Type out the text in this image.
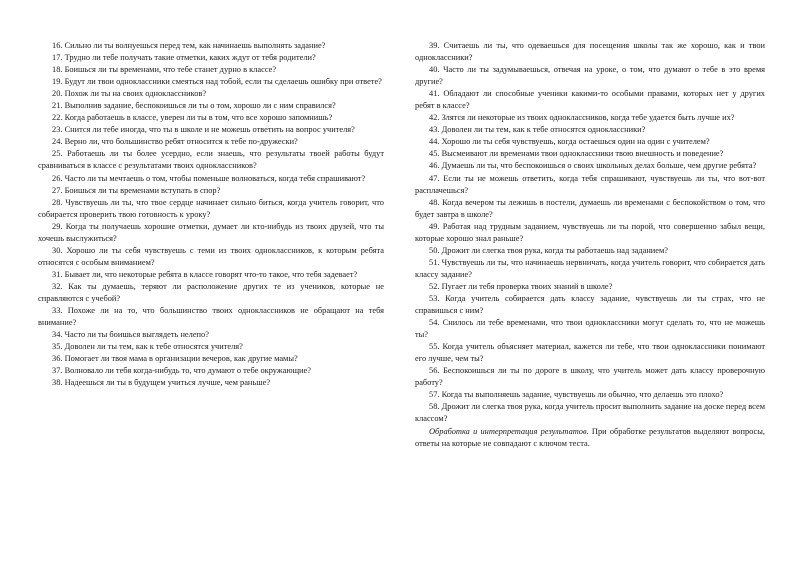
16. Сильно ли ты волнуешься перед тем, как начинаешь выполнять задание?

17. Трудно ли тебе получать такие отметки, каких ждут от тебя родители?

18. Боишься ли ты временами, что тебе станет дурно в классе?

19. Будут ли твои одноклассники смеяться над тобой, если ты сделаешь ошибку при ответе?

20. Похож ли ты на своих одноклассников?

21. Выполнив задание, беспокоишься ли ты о том, хорошо ли с ним справился?

22. Когда работаешь в классе, уверен ли ты в том, что все хорошо запомнишь?

23. Снится ли тебе иногда, что ты в школе и не можешь ответить на вопрос учителя?

24. Верно ли, что большинство ребят относится к тебе по-дружески?

25. Работаешь ли ты более усердно, если знаешь, что результаты твоей работы будут сравниваться в классе с результатами твоих одноклассников?

26. Часто ли ты мечтаешь о том, чтобы поменьше волноваться, когда тебя спрашивают?

27. Боишься ли ты временами вступать в спор?

28. Чувствуешь ли ты, что твое сердце начинает сильно биться, когда учитель говорит, что собирается проверить твою готовность к уроку?

29. Когда ты получаешь хорошие отметки, думает ли кто-нибудь из твоих друзей, что ты хочешь выслужиться?

30. Хорошо ли ты себя чувствуешь с теми из твоих одноклассников, к которым ребята относятся с особым вниманием?

31. Бывает ли, что некоторые ребята в классе говорят что-то такое, что тебя задевает?

32. Как ты думаешь, теряют ли расположение других те из учеников, которые не справляются с учебой?

33. Похоже ли на то, что большинство твоих одноклассников не обращают на тебя внимание?

34. Часто ли ты боишься выглядеть нелепо?

35. Доволен ли ты тем, как к тебе относятся учителя?

36. Помогает ли твоя мама в организации вечеров, как другие мамы?

37. Волновало ли тебя когда-нибудь то, что думают о тебе окружающие?

38. Надеешься ли ты в будущем учиться лучше, чем раньше?

39. Считаешь ли ты, что одеваешься для посещения школы так же хорошо, как и твои одноклассники?

40. Часто ли ты задумываешься, отвечая на уроке, о том, что думают о тебе в это время другие?

41. Обладают ли способные ученики какими-то особыми правами, которых нет у других ребят в классе?

42. Злятся ли некоторые из твоих одноклассников, когда тебе удается быть лучше их?

43. Доволен ли ты тем, как к тебе относятся одноклассники?

44. Хорошо ли ты себя чувствуешь, когда остаешься один на один с учителем?

45. Высмеивают ли временами твои одноклассники твою внешность и поведение?

46. Думаешь ли ты, что беспокоишься о своих школьных делах больше, чем другие ребята?

47. Если ты не можешь ответить, когда тебя спрашивают, чувствуешь ли ты, что вот-вот расплачешься?

48. Когда вечером ты лежишь в постели, думаешь ли временами с беспокойством о том, что будет завтра в школе?

49. Работая над трудным заданием, чувствуешь ли ты порой, что совершенно забыл вещи, которые хорошо знал раньше?

50. Дрожит ли слегка твоя рука, когда ты работаешь над заданием?

51. Чувствуешь ли ты, что начинаешь нервничать, когда учитель говорит, что собирается дать классу задание?

52. Пугает ли тебя проверка твоих знаний в школе?

53. Когда учитель собирается дать классу задание, чувствуешь ли ты страх, что не справишься с ним?

54. Снилось ли тебе временами, что твои одноклассники могут сделать то, что не можешь ты?

55. Когда учитель объясняет материал, кажется ли тебе, что твои одноклассники понимают его лучше, чем ты?

56. Беспокоишься ли ты по дороге в школу, что учитель может дать классу проверочную работу?

57. Когда ты выполняешь задание, чувствуешь ли обычно, что делаешь это плохо?

58. Дрожит ли слегка твоя рука, когда учитель просит выполнить задание на доске перед всем классом?

Обработка и интерпретация результатов. При обработке результатов выделяют вопросы, ответы на которые не совпадают с ключом теста.
